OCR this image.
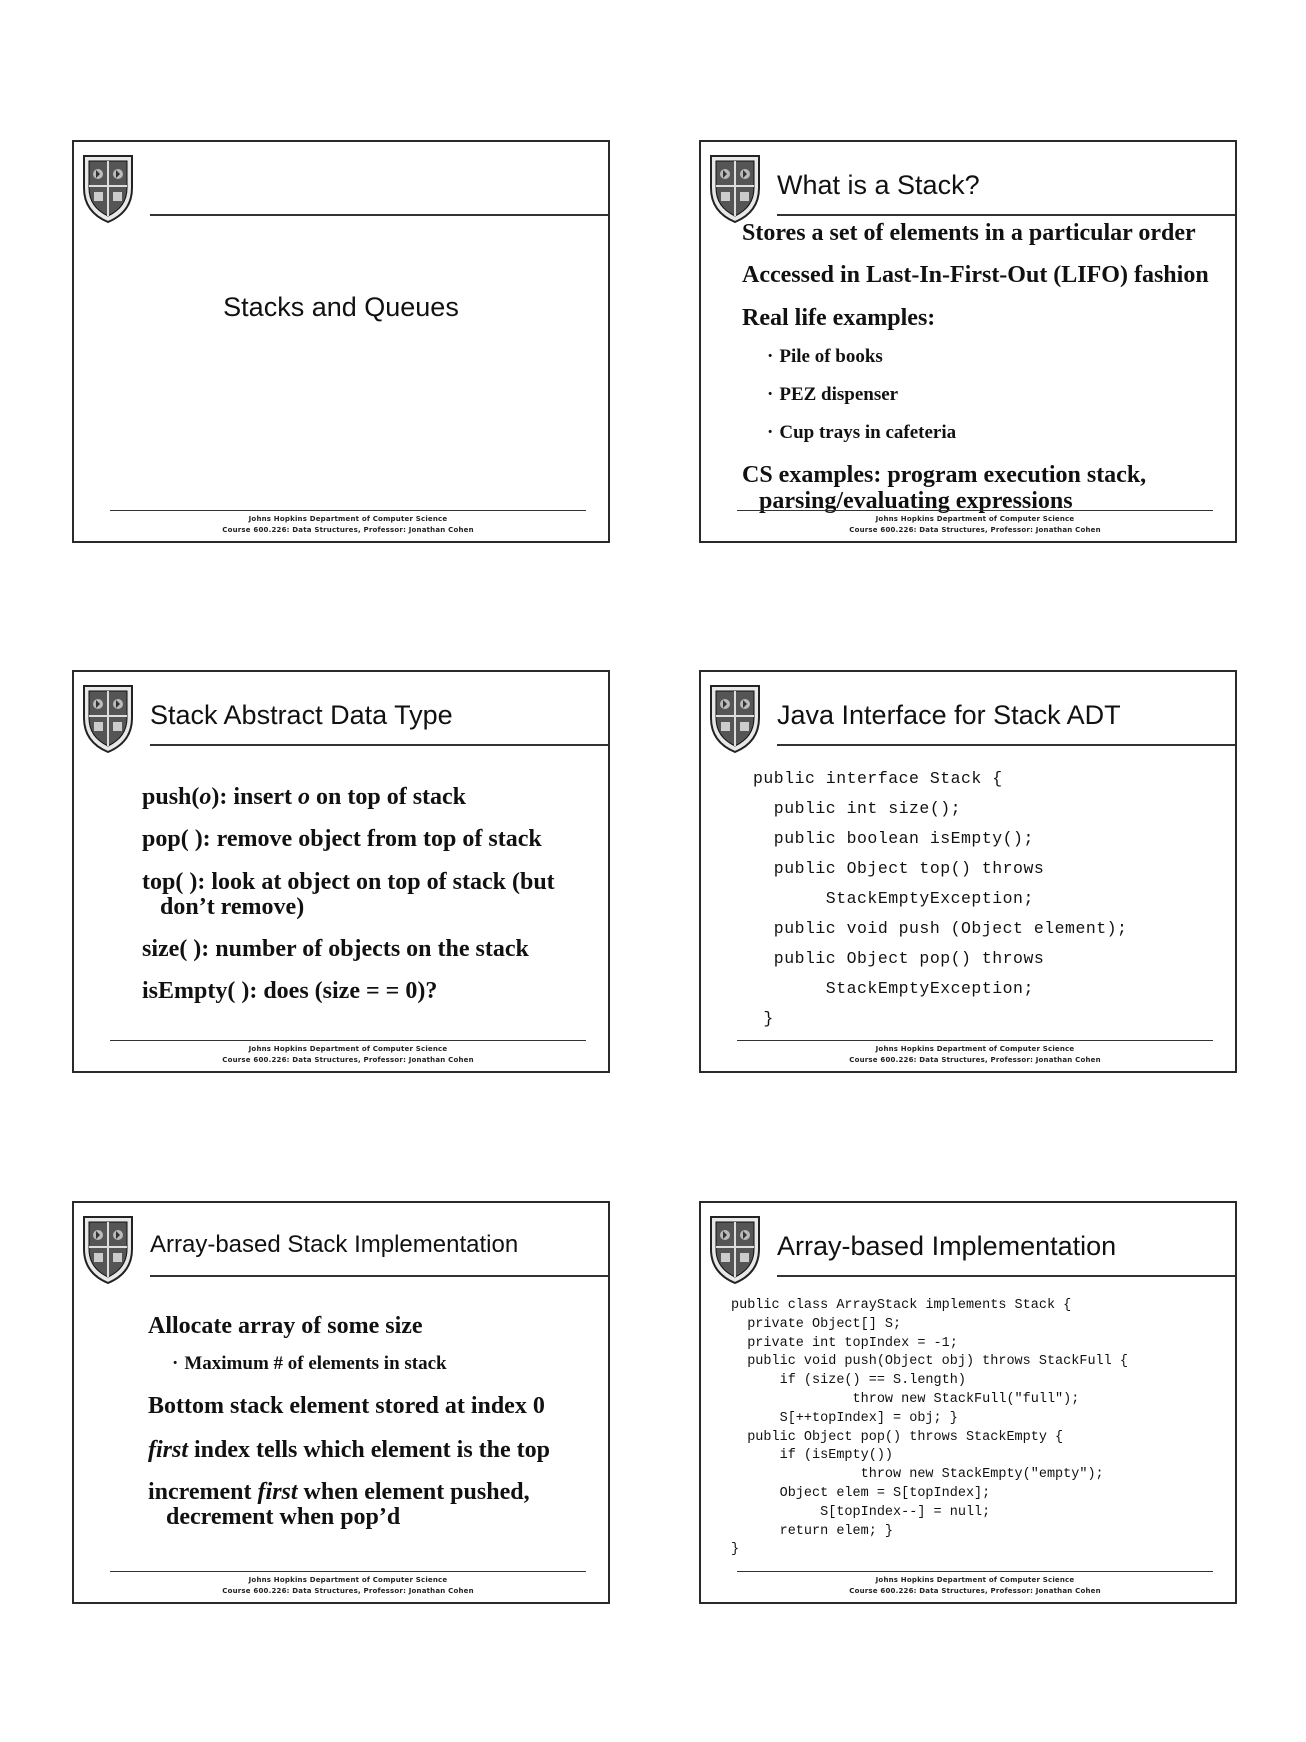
Stacks and Queues
Johns Hopkins Department of Computer Science
Course 600.226: Data Structures, Professor: Jonathan Cohen
What is a Stack?
Stores a set of elements in a particular order
Accessed in Last-In-First-Out (LIFO) fashion
Real life examples:
· Pile of books
· PEZ dispenser
· Cup trays in cafeteria
CS examples: program execution stack,
parsing/evaluating expressions
Johns Hopkins Department of Computer Science
Course 600.226: Data Structures, Professor: Jonathan Cohen
Stack Abstract Data Type
push(o): insert o on top of stack
pop( ): remove object from top of stack
top( ): look at object on top of stack (but
don’t remove)
size( ): number of objects on the stack
isEmpty( ): does (size = = 0)?
Johns Hopkins Department of Computer Science
Course 600.226: Data Structures, Professor: Jonathan Cohen
Java Interface for Stack ADT
public interface Stack {
public int size();
public boolean isEmpty();
public Object top() throws
StackEmptyException;
public void push (Object element);
public Object pop() throws
StackEmptyException;
}
Johns Hopkins Department of Computer Science
Course 600.226: Data Structures, Professor: Jonathan Cohen
Array-based Stack Implementation
Allocate array of some size
· Maximum # of elements in stack
Bottom stack element stored at index 0
first index tells which element is the top
increment first when element pushed,
decrement when pop’d
Johns Hopkins Department of Computer Science
Course 600.226: Data Structures, Professor: Jonathan Cohen
Array-based Implementation
public class ArrayStack implements Stack {
private Object[] S;
private int topIndex = -1;
public void push(Object obj) throws StackFull {
if (size() == S.length)
throw new StackFull("full");
S[++topIndex] = obj; }
public Object pop() throws StackEmpty {
if (isEmpty())
throw new StackEmpty("empty");
Object elem = S[topIndex];
S[topIndex--] = null;
return elem; }
}
Johns Hopkins Department of Computer Science
Course 600.226: Data Structures, Professor: Jonathan Cohen
